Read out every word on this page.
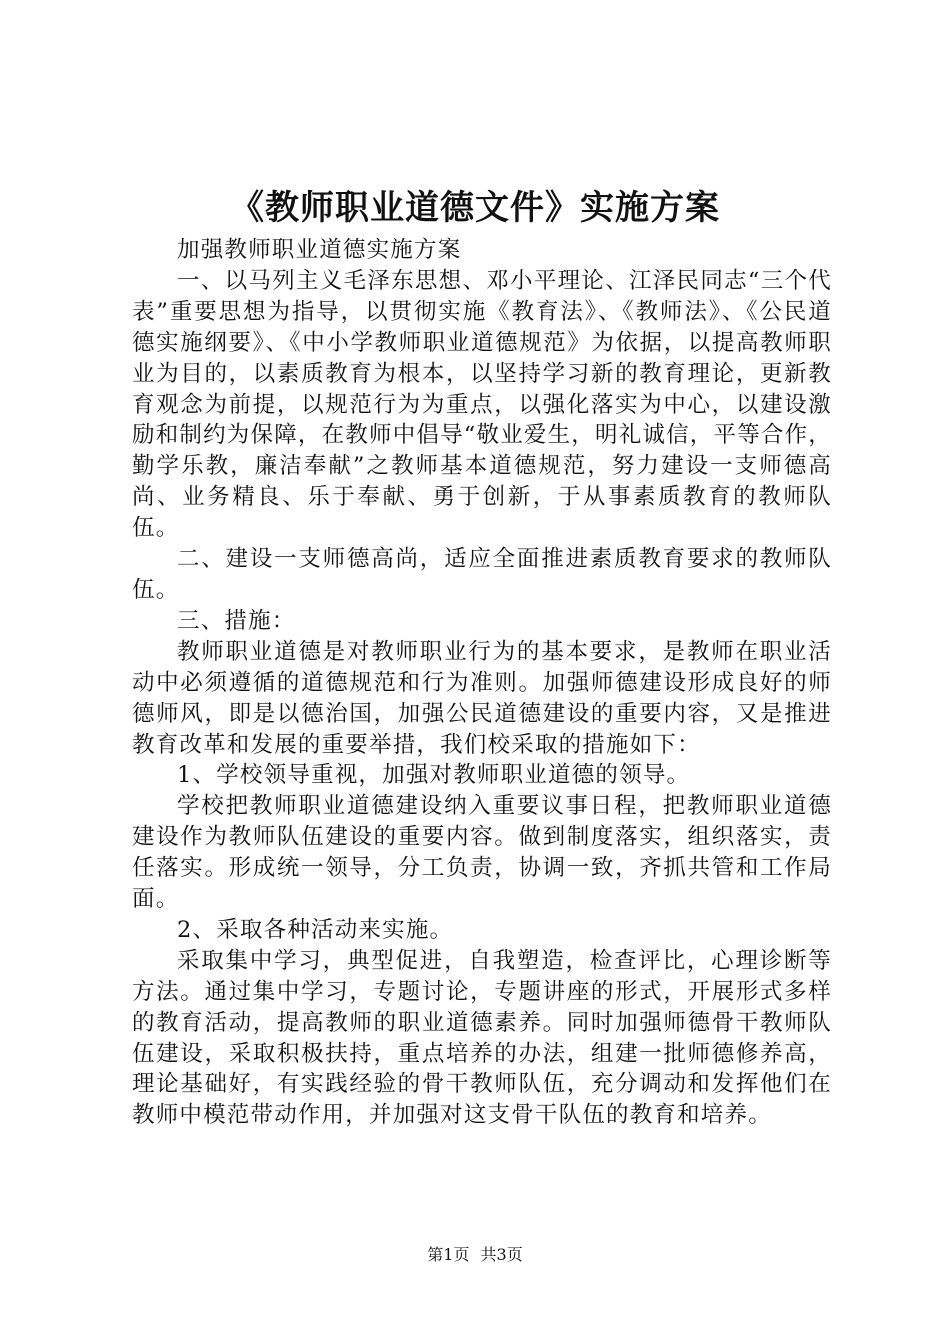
《教师职业道德文件》实施方案

加强教师职业道德实施方案

一、以马列主义毛泽东思想、邓小平理论、江泽民同志“三个代表”重要思想为指导，以贯彻实施《教育法》、《教师法》、《公民道德实施纲要》、《中小学教师职业道德规范》为依据，以提高教师职业为目的，以素质教育为根本，以坚持学习新的教育理论，更新教育观念为前提，以规范行为为重点，以强化落实为中心，以建设激励和制约为保障，在教师中倡导“敬业爱生，明礼诚信，平等合作，勤学乐教，廉洁奉献”之教师基本道德规范，努力建设一支师德高尚、业务精良、乐于奉献、勇于创新，于从事素质教育的教师队伍。

二、建设一支师德高尚，适应全面推进素质教育要求的教师队伍。

三、措施：

教师职业道德是对教师职业行为的基本要求，是教师在职业活动中必须遵循的道德规范和行为准则。加强师德建设形成良好的师德师风，即是以德治国，加强公民道德建设的重要内容，又是推进教育改革和发展的重要举措，我们校采取的措施如下：

1、学校领导重视，加强对教师职业道德的领导。

学校把教师职业道德建设纳入重要议事日程，把教师职业道德建设作为教师队伍建设的重要内容。做到制度落实，组织落实，责任落实。形成统一领导，分工负责，协调一致，齐抓共管和工作局面。

2、采取各种活动来实施。

采取集中学习，典型促进，自我塑造，检查评比，心理诊断等方法。通过集中学习，专题讨论，专题讲座的形式，开展形式多样的教育活动，提高教师的职业道德素养。同时加强师德骨干教师队伍建设，采取积极扶持，重点培养的办法，组建一批师德修养高，理论基础好，有实践经验的骨干教师队伍，充分调动和发挥他们在教师中模范带动作用，并加强对这支骨干队伍的教育和培养。

第1页 共3页
